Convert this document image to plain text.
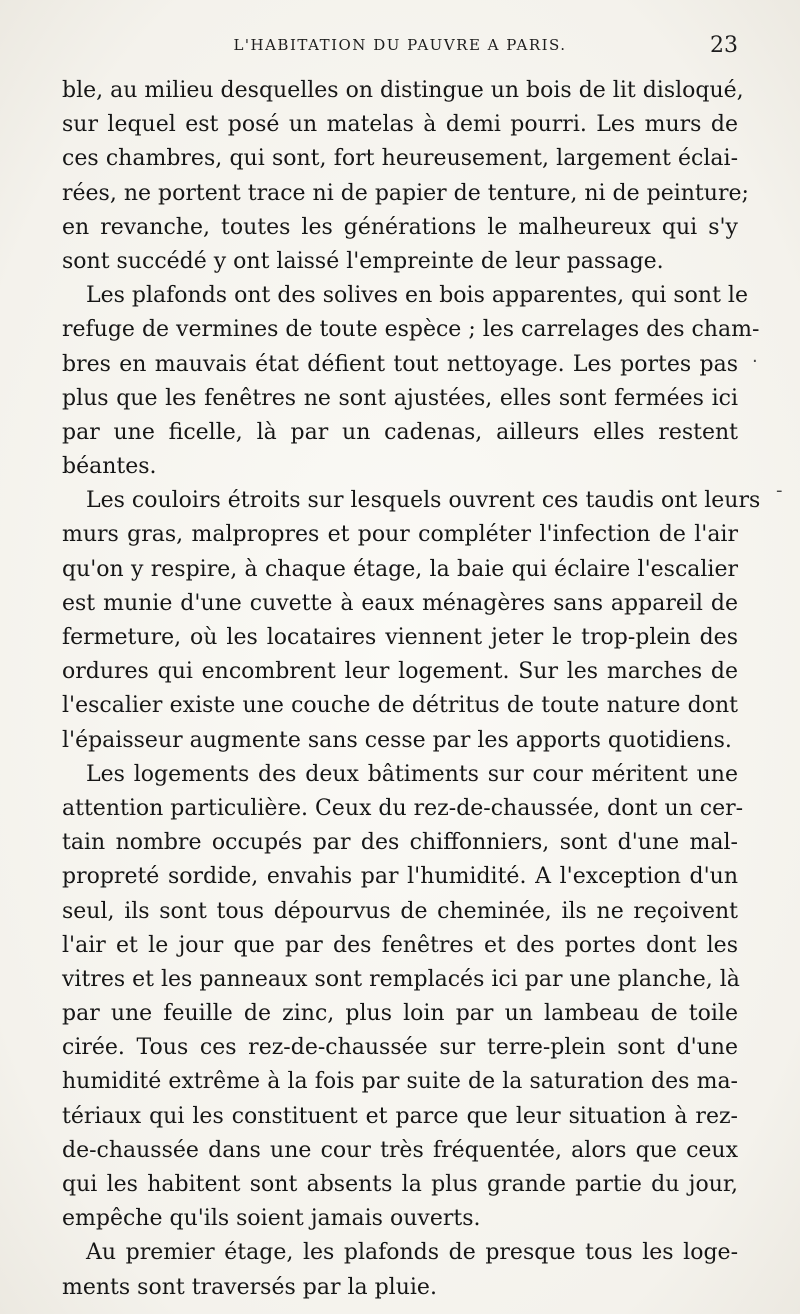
L'HABITATION DU PAUVRE A PARIS.	23
ble, au milieu desquelles on distingue un bois de lit disloqué,
sur lequel est posé un matelas à demi pourri. Les murs de
ces chambres, qui sont, fort heureusement, largement éclai-
rées, ne portent trace ni de papier de tenture, ni de peinture;
en revanche, toutes les générations le malheureux qui s'y
sont succédé y ont laissé l'empreinte de leur passage.
Les plafonds ont des solives en bois apparentes, qui sont le
refuge de vermines de toute espèce ; les carrelages des cham-
bres en mauvais état défient tout nettoyage. Les portes pas
plus que les fenêtres ne sont ajustées, elles sont fermées ici
par une ficelle, là par un cadenas, ailleurs elles restent
béantes.
Les couloirs étroits sur lesquels ouvrent ces taudis ont leurs
murs gras, malpropres et pour compléter l'infection de l'air
qu'on y respire, à chaque étage, la baie qui éclaire l'escalier
est munie d'une cuvette à eaux ménagères sans appareil de
fermeture, où les locataires viennent jeter le trop-plein des
ordures qui encombrent leur logement. Sur les marches de
l'escalier existe une couche de détritus de toute nature dont
l'épaisseur augmente sans cesse par les apports quotidiens.
Les logements des deux bâtiments sur cour méritent une
attention particulière. Ceux du rez-de-chaussée, dont un cer-
tain nombre occupés par des chiffonniers, sont d'une mal-
propreté sordide, envahis par l'humidité. A l'exception d'un
seul, ils sont tous dépourvus de cheminée, ils ne reçoivent
l'air et le jour que par des fenêtres et des portes dont les
vitres et les panneaux sont remplacés ici par une planche, là
par une feuille de zinc, plus loin par un lambeau de toile
cirée. Tous ces rez-de-chaussée sur terre-plein sont d'une
humidité extrême à la fois par suite de la saturation des ma-
tériaux qui les constituent et parce que leur situation à rez-
de-chaussée dans une cour très fréquentée, alors que ceux
qui les habitent sont absents la plus grande partie du jour,
empêche qu'ils soient jamais ouverts.
Au premier étage, les plafonds de presque tous les loge-
ments sont traversés par la pluie.
.
-
